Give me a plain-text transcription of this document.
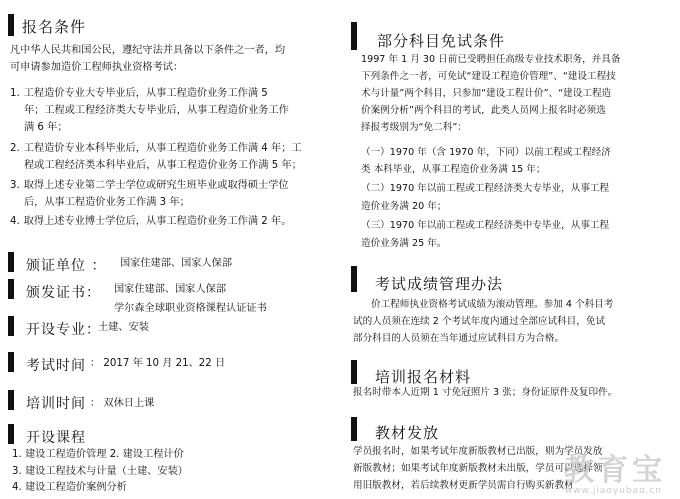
报名条件
凡中华人民共和国公民，遵纪守法并具备以下条件之一者，均
可申请参加造价工程师执业资格考试：
1. 工程造价专业大专毕业后，从事工程造价业务工作满 5
年；工程或工程经济类大专毕业后，从事工程造价业务工作
满 6 年；
2. 工程造价专业本科毕业后，从事工程造价业务工作满 4 年；工
程或工程经济类本科毕业后，从事工程造价业务工作满 5 年；
3. 取得上述专业第二学士学位或研究生班毕业或取得硕士学位
后，从事工程造价业务工作满 3 年；
4. 取得上述专业博士学位后，从事工程造价业务工作满 2 年。
颁证单位 ： 国家住建部、国家人保部
颁发证书： 国家住建部、国家人保部
学尔森全球职业资格课程认证证书
开设专业：
土建、安装
考试时间 ： 2017 年 10 月 21、22 日
培训时间 ： 双休日上课
开设课程
1. 建设工程造价管理 2. 建设工程计价
3. 建设工程技术与计量（土建、安装）
4. 建设工程造价案例分析
部分科目免试条件
1997 年 1 月 30 日前已受聘担任高级专业技术职务，并具备
下列条件之一者，可免试“建设工程造价管理”、“建设工程技
术与计量”两个科目，只参加“建设工程计价”、“建设工程造
价案例分析”两个科目的考试，此类人员网上报名时必须选
择报考级别为“免二科”：
（一）1970 年（含 1970 年，下同）以前工程或工程经济
类 本科毕业，从事工程造价业务满 15 年；
（二）1970 年以前工程或工程经济类大专毕业，从事工程
造价业务满 20 年；
（三）1970 年以前工程或工程经济类中专毕业，从事工程
造价业务满 25 年。
考试成绩管理办法
价工程师执业资格考试成绩为滚动管理。参加 4 个科目考
试的人员须在连续 2 个考试年度内通过全部应试科目，免试
部分科目的人员须在当年通过应试科目方为合格。
培训报名材料
报名时带本人近期 1 寸免冠照片 3 张；身份证原件及复印件。
教材发放
学员报名时，如果考试年度新版教材已出版，则为学员发放
新版教材；如果考试年度新版教材未出版，学员可以选择领
用旧版教材，若后续教材更新学员需自行购买新教材
教育宝
www.jiaoyubao.cn
